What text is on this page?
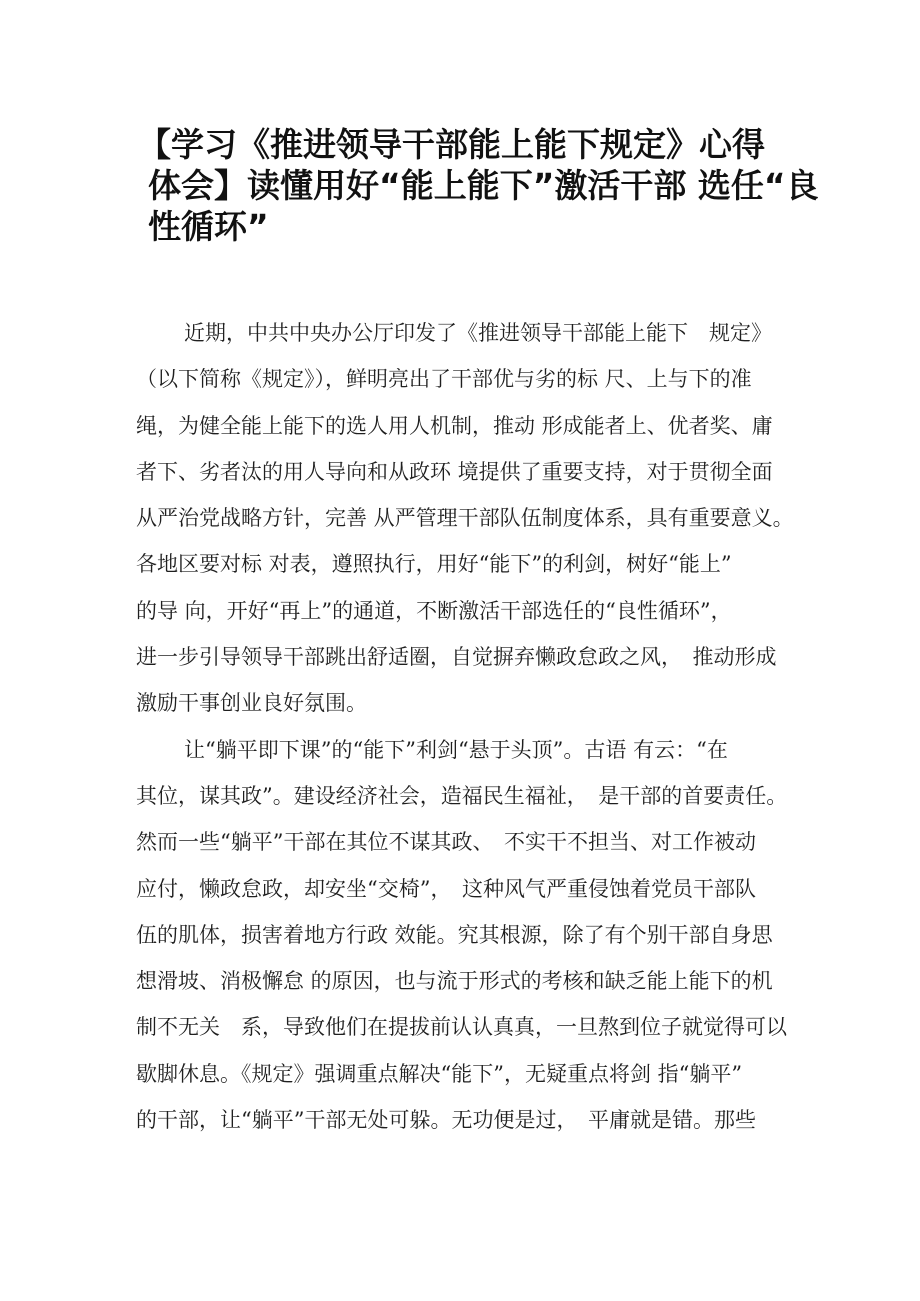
【学习《推进领导干部能上能下规定》心得
体会】读懂用好“能上能下”激活干部 选任“良
性循环”
近期，中共中央办公厅印发了《推进领导干部能上能下　规定》
（以下简称《规定》），鲜明亮出了干部优与劣的标 尺、上与下的准
绳，为健全能上能下的选人用人机制，推动 形成能者上、优者奖、庸
者下、劣者汰的用人导向和从政环 境提供了重要支持，对于贯彻全面
从严治党战略方针，完善 从严管理干部队伍制度体系，具有重要意义。
各地区要对标 对表，遵照执行，用好“能下”的利剑，树好“能上”
的导 向，开好“再上”的通道，不断激活干部选任的“良性循环”，
进一步引导领导干部跳出舒适圈，自觉摒弃懒政怠政之风，　推动形成
激励干事创业良好氛围。
让“躺平即下课”的“能下”利剑“悬于头顶”。古语 有云：“在
其位，谋其政”。建设经济社会，造福民生福祉，　是干部的首要责任。
然而一些“躺平”干部在其位不谋其政、　不实干不担当、对工作被动
应付，懒政怠政，却安坐“交椅”，　这种风气严重侵蚀着党员干部队
伍的肌体，损害着地方行政 效能。究其根源，除了有个别干部自身思
想滑坡、消极懈怠 的原因，也与流于形式的考核和缺乏能上能下的机
制不无关　系，导致他们在提拔前认认真真，一旦熬到位子就觉得可以
歇脚休息。《规定》强调重点解决“能下”，无疑重点将剑 指“躺平”
的干部，让“躺平”干部无处可躲。无功便是过，　平庸就是错。那些
